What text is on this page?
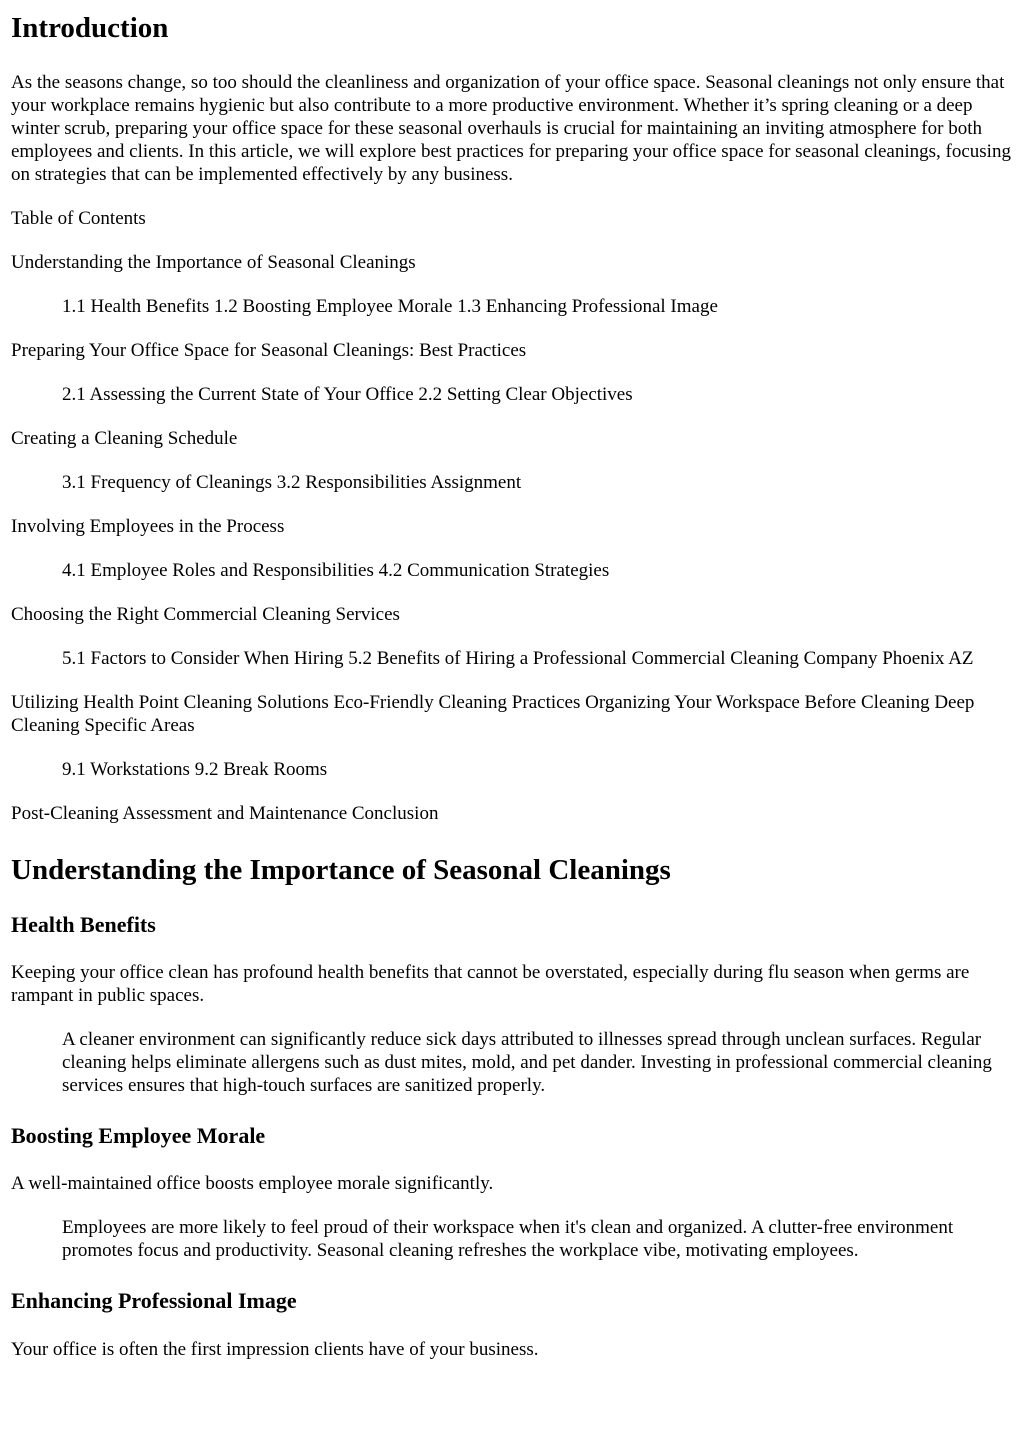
Introduction

As the seasons change, so too should the cleanliness and organization of your office space. Seasonal cleanings not only ensure that your workplace remains hygienic but also contribute to a more productive environment. Whether it’s spring cleaning or a deep winter scrub, preparing your office space for these seasonal overhauls is crucial for maintaining an inviting atmosphere for both employees and clients. In this article, we will explore best practices for preparing your office space for seasonal cleanings, focusing on strategies that can be implemented effectively by any business.

Table of Contents

Understanding the Importance of Seasonal Cleanings

1.1 Health Benefits 1.2 Boosting Employee Morale 1.3 Enhancing Professional Image

Preparing Your Office Space for Seasonal Cleanings: Best Practices

2.1 Assessing the Current State of Your Office 2.2 Setting Clear Objectives

Creating a Cleaning Schedule

3.1 Frequency of Cleanings 3.2 Responsibilities Assignment

Involving Employees in the Process

4.1 Employee Roles and Responsibilities 4.2 Communication Strategies

Choosing the Right Commercial Cleaning Services

5.1 Factors to Consider When Hiring 5.2 Benefits of Hiring a Professional Commercial Cleaning Company Phoenix AZ

Utilizing Health Point Cleaning Solutions Eco-Friendly Cleaning Practices Organizing Your Workspace Before Cleaning Deep Cleaning Specific Areas

9.1 Workstations 9.2 Break Rooms

Post-Cleaning Assessment and Maintenance Conclusion

Understanding the Importance of Seasonal Cleanings
Health Benefits

Keeping your office clean has profound health benefits that cannot be overstated, especially during flu season when germs are rampant in public spaces.

A cleaner environment can significantly reduce sick days attributed to illnesses spread through unclean surfaces. Regular cleaning helps eliminate allergens such as dust mites, mold, and pet dander. Investing in professional commercial cleaning services ensures that high-touch surfaces are sanitized properly.
Boosting Employee Morale

A well-maintained office boosts employee morale significantly.

Employees are more likely to feel proud of their workspace when it's clean and organized. A clutter-free environment promotes focus and productivity. Seasonal cleaning refreshes the workplace vibe, motivating employees.
Enhancing Professional Image

Your office is often the first impression clients have of your business.
